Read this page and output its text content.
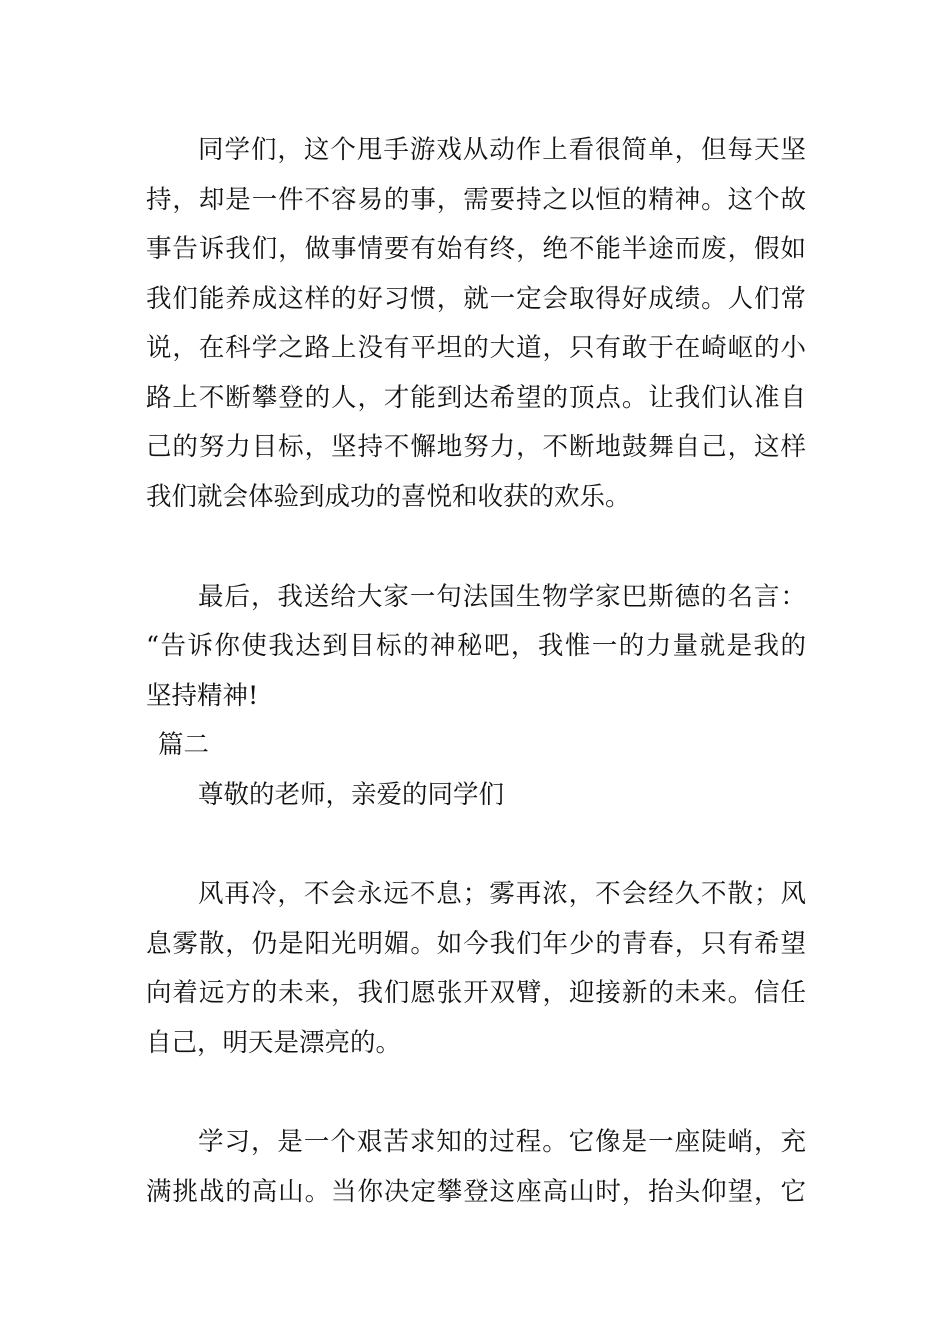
同学们，这个甩手游戏从动作上看很简单，但每天坚
持，却是一件不容易的事，需要持之以恒的精神。这个故
事告诉我们，做事情要有始有终，绝不能半途而废，假如
我们能养成这样的好习惯，就一定会取得好成绩。人们常
说，在科学之路上没有平坦的大道，只有敢于在崎岖的小
路上不断攀登的人，才能到达希望的顶点。让我们认准自
己的努力目标，坚持不懈地努力，不断地鼓舞自己，这样
我们就会体验到成功的喜悦和收获的欢乐。
最后，我送给大家一句法国生物学家巴斯德的名言：
“告诉你使我达到目标的神秘吧，我惟一的力量就是我的
坚持精神!
篇二
尊敬的老师，亲爱的同学们
风再冷，不会永远不息；雾再浓，不会经久不散；风
息雾散，仍是阳光明媚。如今我们年少的青春，只有希望
向着远方的未来，我们愿张开双臂，迎接新的未来。信任
自己，明天是漂亮的。
学习，是一个艰苦求知的过程。它像是一座陡峭，充
满挑战的高山。当你决定攀登这座高山时，抬头仰望，它
